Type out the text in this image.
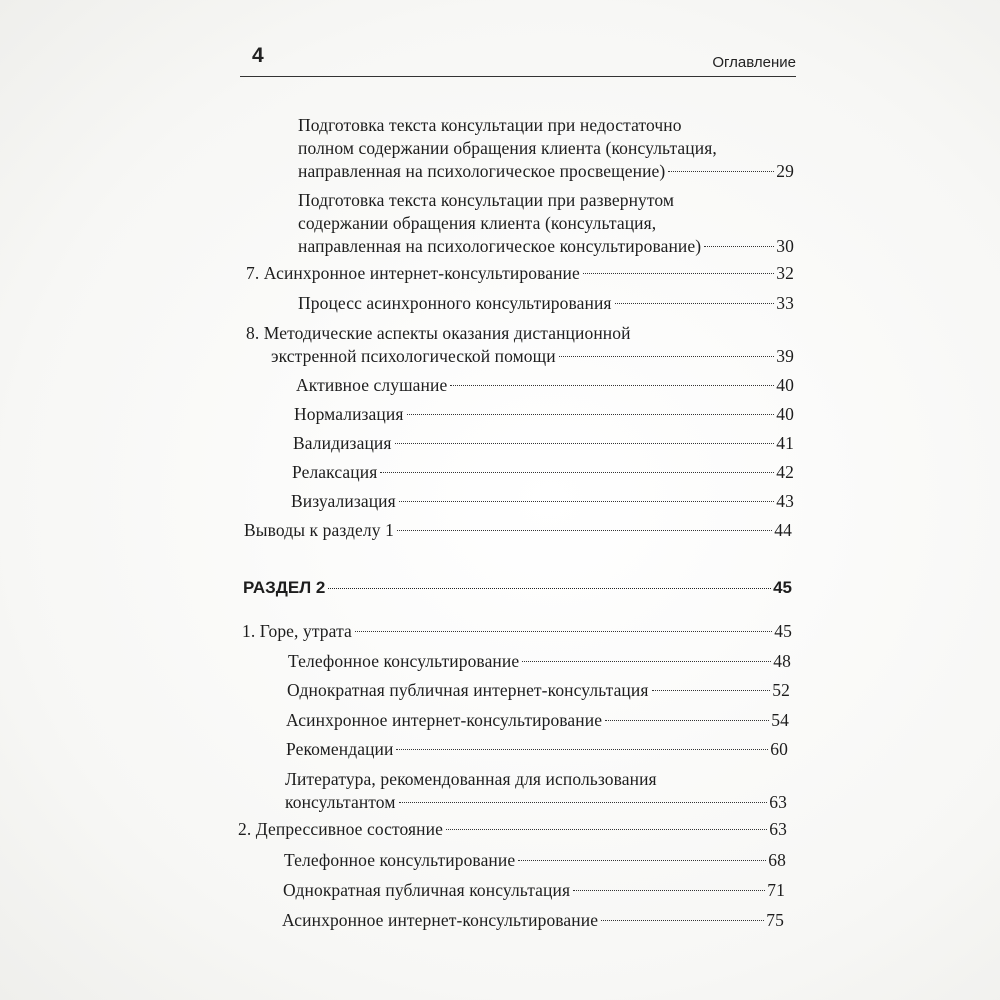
4	Оглавление
Подготовка текста консультации при недостаточно
полном содержании обращения клиента (консультация,
направленная на психологическое просвещение)	29
Подготовка текста консультации при развернутом
содержании обращения клиента (консультация,
направленная на психологическое консультирование)	30
7. Асинхронное интернет-консультирование	32
Процесс асинхронного консультирования	33
8. Методические аспекты оказания дистанционной
экстренной психологической помощи	39
Активное слушание	40
Нормализация	40
Валидизация	41
Релаксация	42
Визуализация	43
Выводы к разделу 1	44
РАЗДЕЛ 2	45
1. Горе, утрата	45
Телефонное консультирование	48
Однократная публичная интернет-консультация	52
Асинхронное интернет-консультирование	54
Рекомендации	60
Литература, рекомендованная для использования
консультантом	63
2. Депрессивное состояние	63
Телефонное консультирование	68
Однократная публичная консультация	71
Асинхронное интернет-консультирование	75
